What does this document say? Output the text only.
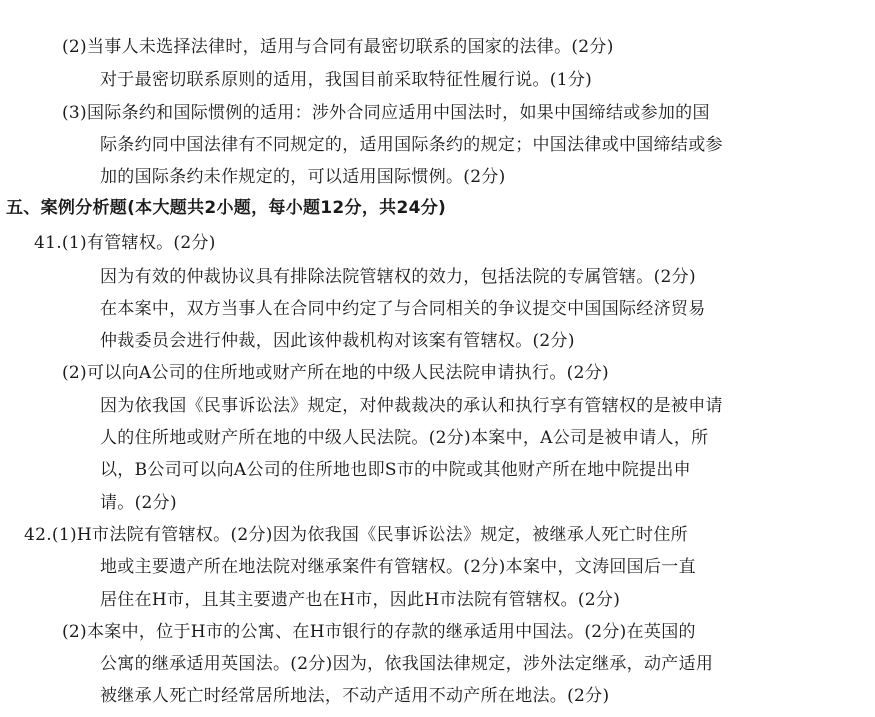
(2)当事人未选择法律时，适用与合同有最密切联系的国家的法律。(2分)
对于最密切联系原则的适用，我国目前采取特征性履行说。(1分)
(3)国际条约和国际惯例的适用：涉外合同应适用中国法时，如果中国缔结或参加的国
际条约同中国法律有不同规定的，适用国际条约的规定；中国法律或中国缔结或参
加的国际条约未作规定的，可以适用国际惯例。(2分)
五、案例分析题(本大题共2小题，每小题12分，共24分)
41.(1)有管辖权。(2分)
因为有效的仲裁协议具有排除法院管辖权的效力，包括法院的专属管辖。(2分)
在本案中，双方当事人在合同中约定了与合同相关的争议提交中国国际经济贸易
仲裁委员会进行仲裁，因此该仲裁机构对该案有管辖权。(2分)
(2)可以向A公司的住所地或财产所在地的中级人民法院申请执行。(2分)
因为依我国《民事诉讼法》规定，对仲裁裁决的承认和执行享有管辖权的是被申请
人的住所地或财产所在地的中级人民法院。(2分)本案中，A公司是被申请人，所
以，B公司可以向A公司的住所地也即S市的中院或其他财产所在地中院提出申
请。(2分)
42.(1)H市法院有管辖权。(2分)因为依我国《民事诉讼法》规定，被继承人死亡时住所
地或主要遗产所在地法院对继承案件有管辖权。(2分)本案中，文涛回国后一直
居住在H市，且其主要遗产也在H市，因此H市法院有管辖权。(2分)
(2)本案中，位于H市的公寓、在H市银行的存款的继承适用中国法。(2分)在英国的
公寓的继承适用英国法。(2分)因为，依我国法律规定，涉外法定继承，动产适用
被继承人死亡时经常居所地法，不动产适用不动产所在地法。(2分)
